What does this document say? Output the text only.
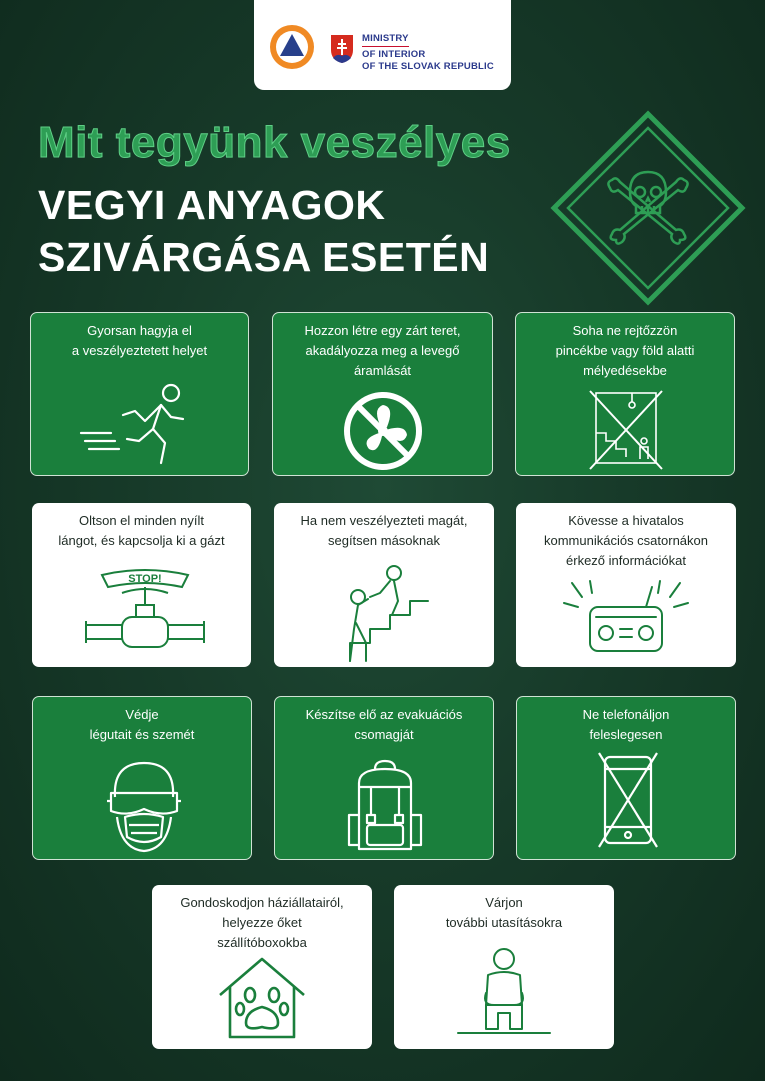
MINISTRY
OF INTERIOR
OF THE SLOVAK REPUBLIC
Mit tegyünk veszélyes
VEGYI ANYAGOK
SZIVÁRGÁSA ESETÉN
Gyorsan hagyja el
a veszélyeztetett helyet
Hozzon létre egy zárt teret,
akadályozza meg a levegő
áramlását
Soha ne rejtőzzön
pincékbe vagy föld alatti
mélyedésekbe
Oltson el minden nyílt
lángot, és kapcsolja ki a gázt
STOP!
Ha nem veszélyezteti magát,
segítsen másoknak
Kövesse a hivatalos
kommunikációs csatornákon
érkező információkat
Védje
légutait és szemét
Készítse elő az evakuációs
csomagját
Ne telefonáljon
feleslegesen
Gondoskodjon háziállatairól,
helyezze őket
szállítóboxokba
Várjon
további utasításokra
